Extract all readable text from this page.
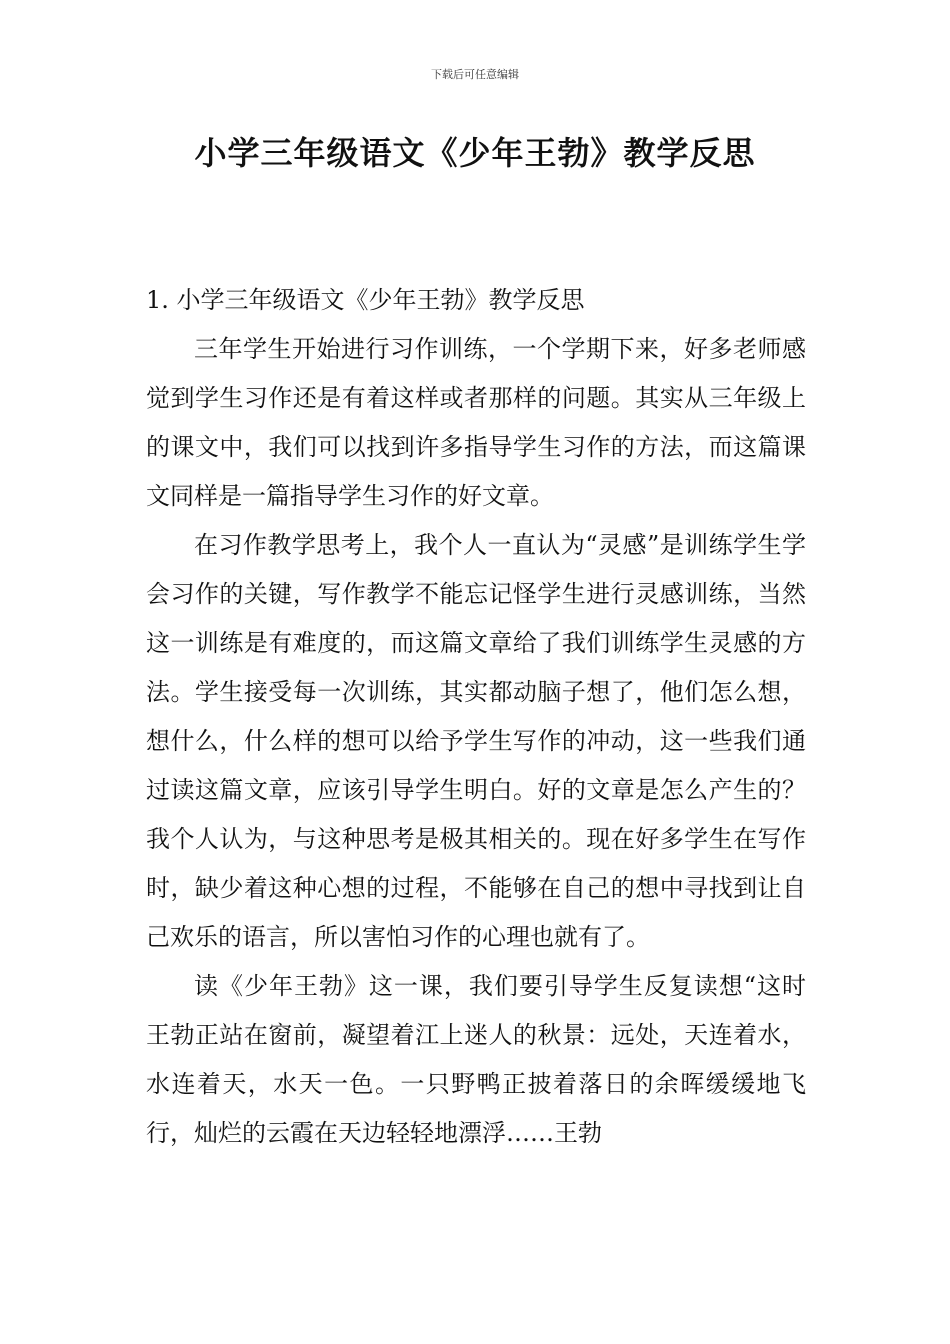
下载后可任意编辑
小学三年级语文《少年王勃》教学反思
1. 小学三年级语文《少年王勃》教学反思

三年学生开始进行习作训练，一个学期下来，好多老师感觉到学生习作还是有着这样或者那样的问题。其实从三年级上的课文中，我们可以找到许多指导学生习作的方法，而这篇课文同样是一篇指导学生习作的好文章。

在习作教学思考上，我个人一直认为“灵感”是训练学生学会习作的关键，写作教学不能忘记怪学生进行灵感训练，当然这一训练是有难度的，而这篇文章给了我们训练学生灵感的方法。学生接受每一次训练，其实都动脑子想了，他们怎么想，想什么，什么样的想可以给予学生写作的冲动，这一些我们通过读这篇文章，应该引导学生明白。好的文章是怎么产生的？我个人认为，与这种思考是极其相关的。现在好多学生在写作时，缺少着这种心想的过程，不能够在自己的想中寻找到让自己欢乐的语言，所以害怕习作的心理也就有了。

读《少年王勃》这一课，我们要引导学生反复读想“这时王勃正站在窗前，凝望着江上迷人的秋景：远处，天连着水，水连着天，水天一色。一只野鸭正披着落日的余晖缓缓地飞行，灿烂的云霞在天边轻轻地漂浮……王勃
